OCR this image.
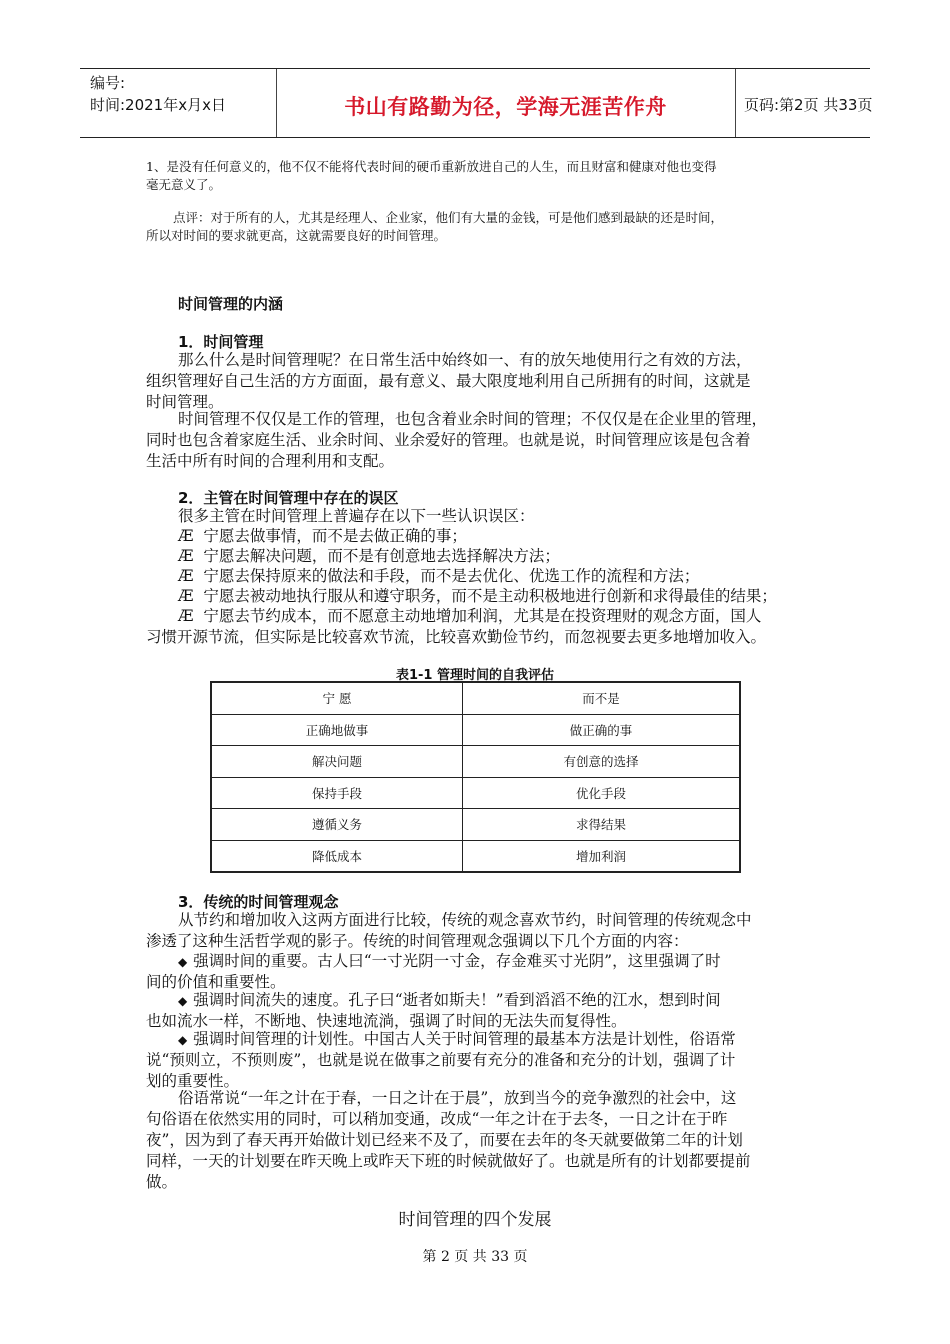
编号:
时间:2021年x月x日	书山有路勤为径，学海无涯苦作舟	页码:第2页 共33页

1、是没有任何意义的，他不仅不能将代表时间的硬币重新放进自己的人生，而且财富和健康对他也变得

毫无意义了。

点评：对于所有的人，尤其是经理人、企业家，他们有大量的金钱，可是他们感到最缺的还是时间，

所以对时间的要求就更高，这就需要良好的时间管理。

时间管理的内涵

1．时间管理

那么什么是时间管理呢？在日常生活中始终如一、有的放矢地使用行之有效的方法，

组织管理好自己生活的方方面面，最有意义、最大限度地利用自己所拥有的时间，这就是

时间管理。

时间管理不仅仅是工作的管理，也包含着业余时间的管理；不仅仅是在企业里的管理，

同时也包含着家庭生活、业余时间、业余爱好的管理。也就是说，时间管理应该是包含着

生活中所有时间的合理利用和支配。

2．主管在时间管理中存在的误区

很多主管在时间管理上普遍存在以下一些认识误区：

Æ 宁愿去做事情，而不是去做正确的事；
Æ 宁愿去解决问题，而不是有创意地去选择解决方法；
Æ 宁愿去保持原来的做法和手段，而不是去优化、优选工作的流程和方法；
Æ 宁愿去被动地执行服从和遵守职务，而不是主动积极地进行创新和求得最佳的结果；
Æ 宁愿去节约成本，而不愿意主动地增加利润，尤其是在投资理财的观念方面，国人

习惯开源节流，但实际是比较喜欢节流，比较喜欢勤俭节约，而忽视要去更多地增加收入。

表1-1 管理时间的自我评估
宁 愿	而不是
正确地做事	做正确的事
解决问题	有创意的选择
保持手段	优化手段
遵循义务	求得结果
降低成本	增加利润

3．传统的时间管理观念

从节约和增加收入这两方面进行比较，传统的观念喜欢节约，时间管理的传统观念中

渗透了这种生活哲学观的影子。传统的时间管理观念强调以下几个方面的内容：

◆ 强调时间的重要。古人曰“一寸光阴一寸金，存金难买寸光阴”，这里强调了时

间的价值和重要性。

◆ 强调时间流失的速度。孔子曰“逝者如斯夫！”看到滔滔不绝的江水，想到时间

也如流水一样，不断地、快速地流淌，强调了时间的无法失而复得性。

◆ 强调时间管理的计划性。中国古人关于时间管理的最基本方法是计划性，俗语常

说“预则立，不预则废”，也就是说在做事之前要有充分的准备和充分的计划，强调了计

划的重要性。

俗语常说“一年之计在于春，一日之计在于晨”，放到当今的竞争激烈的社会中，这

句俗语在依然实用的同时，可以稍加变通，改成“一年之计在于去冬，一日之计在于昨

夜”，因为到了春天再开始做计划已经来不及了，而要在去年的冬天就要做第二年的计划

同样，一天的计划要在昨天晚上或昨天下班的时候就做好了。也就是所有的计划都要提前

做。

时间管理的四个发展

第 2 页 共 33 页
